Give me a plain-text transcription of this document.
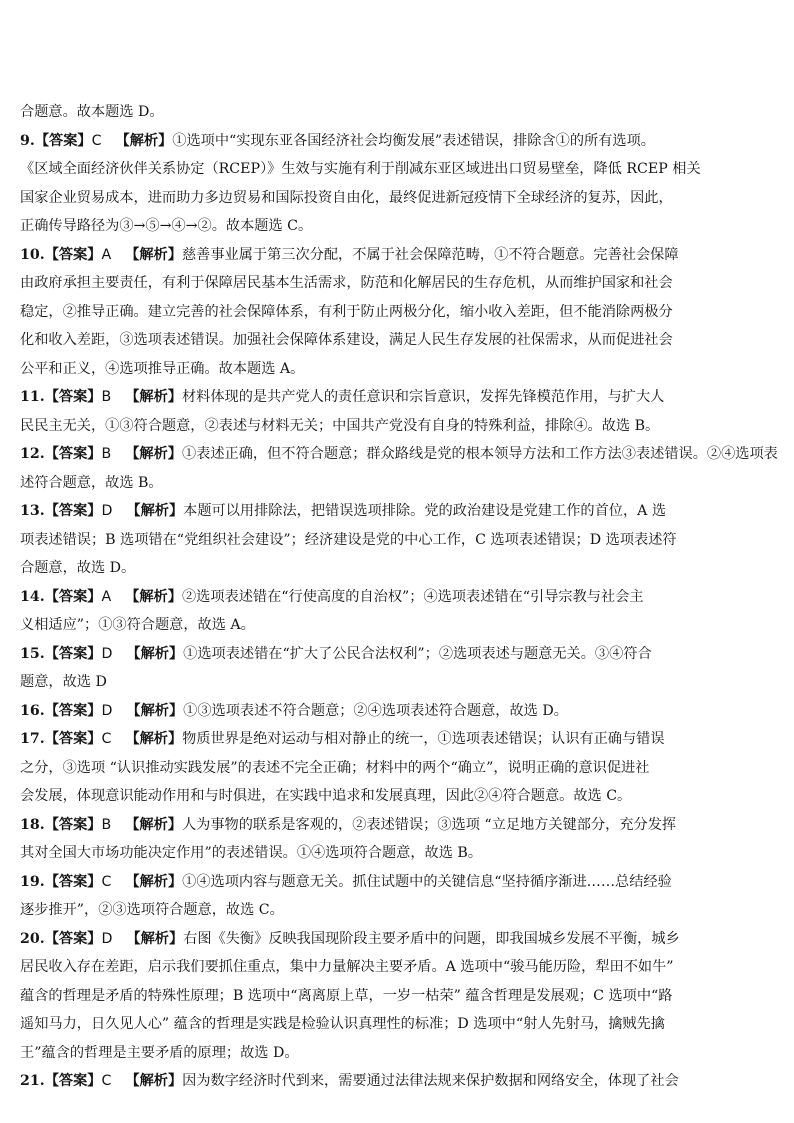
合题意。故本题选 D。
9.【答案】C 【解析】①选项中“实现东亚各国经济社会均衡发展”表述错误，排除含①的所有选项。
《区域全面经济伙伴关系协定（RCEP）》生效与实施有利于削减东亚区域进出口贸易壁垒，降低 RCEP 相关
国家企业贸易成本，进而助力多边贸易和国际投资自由化，最终促进新冠疫情下全球经济的复苏，因此，
正确传导路径为③→⑤→④→②。故本题选 C。
10.【答案】A 【解析】慈善事业属于第三次分配，不属于社会保障范畴，①不符合题意。完善社会保障
由政府承担主要责任，有利于保障居民基本生活需求，防范和化解居民的生存危机，从而维护国家和社会
稳定，②推导正确。建立完善的社会保障体系，有利于防止两极分化，缩小收入差距，但不能消除两极分
化和收入差距，③选项表述错误。加强社会保障体系建设，满足人民生存发展的社保需求，从而促进社会
公平和正义，④选项推导正确。故本题选 A。
11.【答案】B 【解析】材料体现的是共产党人的责任意识和宗旨意识，发挥先锋模范作用，与扩大人
民民主无关，①③符合题意，②表述与材料无关；中国共产党没有自身的特殊利益，排除④。故选 B。
12.【答案】B 【解析】①表述正确，但不符合题意；群众路线是党的根本领导方法和工作方法③表述错误。②④选项表
述符合题意，故选 B。
13.【答案】D 【解析】本题可以用排除法，把错误选项排除。党的政治建设是党建工作的首位，A 选
项表述错误；B 选项错在“党组织社会建设”；经济建设是党的中心工作，C 选项表述错误；D 选项表述符
合题意，故选 D。
14.【答案】A 【解析】②选项表述错在“行使高度的自治权”；④选项表述错在“引导宗教与社会主
义相适应”；①③符合题意，故选 A。
15.【答案】D 【解析】①选项表述错在“扩大了公民合法权利”；②选项表述与题意无关。③④符合
题意，故选 D
16.【答案】D 【解析】①③选项表述不符合题意；②④选项表述符合题意，故选 D。
17.【答案】C 【解析】物质世界是绝对运动与相对静止的统一，①选项表述错误；认识有正确与错误
之分，③选项 “认识推动实践发展”的表述不完全正确；材料中的两个“确立”，说明正确的意识促进社
会发展，体现意识能动作用和与时俱进，在实践中追求和发展真理，因此②④符合题意。故选 C。
18.【答案】B 【解析】人为事物的联系是客观的，②表述错误；③选项 “立足地方关键部分，充分发挥
其对全国大市场功能决定作用”的表述错误。①④选项符合题意，故选 B。
19.【答案】C 【解析】①④选项内容与题意无关。抓住试题中的关键信息“坚持循序渐进……总结经验
逐步推开”，②③选项符合题意，故选 C。
20.【答案】D 【解析】右图《失衡》反映我国现阶段主要矛盾中的问题，即我国城乡发展不平衡，城乡
居民收入存在差距，启示我们要抓住重点，集中力量解决主要矛盾。A 选项中“骏马能历险，犁田不如牛”
蕴含的哲理是矛盾的特殊性原理；B 选项中“离离原上草，一岁一枯荣” 蕴含哲理是发展观；C 选项中“路
遥知马力，日久见人心” 蕴含的哲理是实践是检验认识真理性的标准；D 选项中“射人先射马，擒贼先擒
王”蕴含的哲理是主要矛盾的原理；故选 D。
21.【答案】C 【解析】因为数字经济时代到来，需要通过法律法规来保护数据和网络安全，体现了社会
